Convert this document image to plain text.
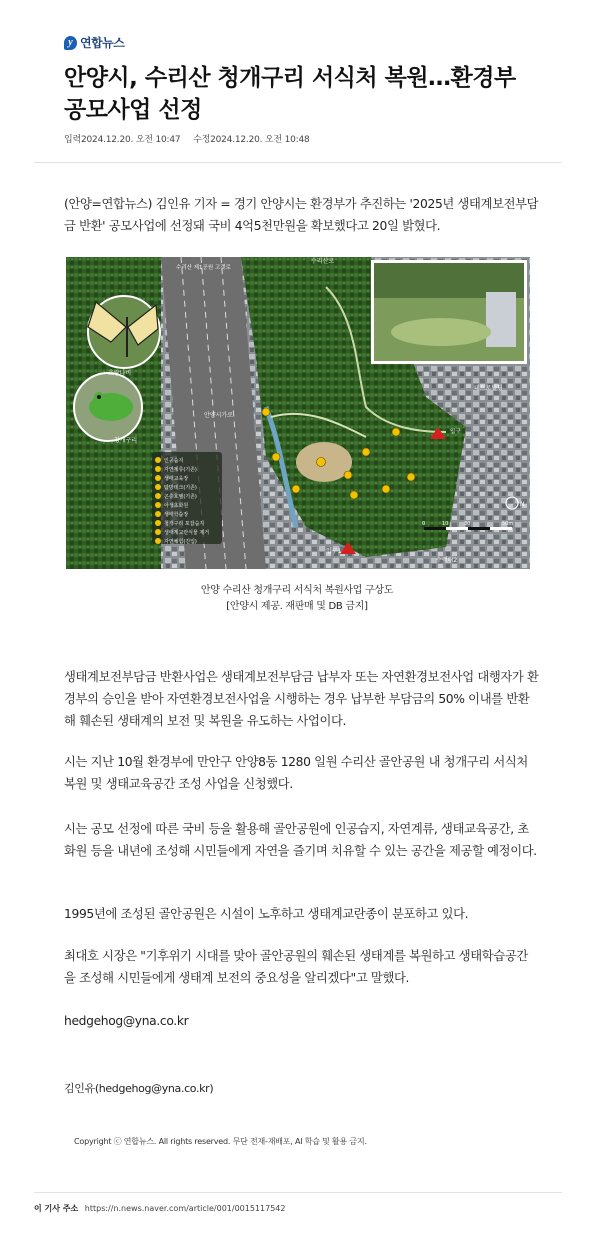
y 연합뉴스
안양시, 수리산 청개구리 서식처 복원…환경부 공모사업 선정
입력2024.12.20. 오전 10:47 수정2024.12.20. 오전 10:48

(안양=연합뉴스) 김인유 기자 = 경기 안양시는 환경부가 추진하는 '2025년 생태계보전부담금 반환' 공모사업에 선정돼 국비 4억5천만원을 확보했다고 20일 밝혔다.

호랑나비
청개구리
안양시가로
수리산로
테트로빌딩
입구
수리산 제1공원 고갯로
N
수렉터2
입구1
0	10	30	50m
인공습지
자연계류(기존)
생태교육장
탐방데크(기존)
곤충호텔(기존)
야생초화원
생태학습장
청개구리 포잡습지
생태계교란식물 제거
자연체험(진입)
안양 수리산 청개구리 서식처 복원사업 구상도
[안양시 제공. 재판매 및 DB 금지]

생태계보전부담금 반환사업은 생태계보전부담금 납부자 또는 자연환경보전사업 대행자가 환경부의 승인을 받아 자연환경보전사업을 시행하는 경우 납부한 부담금의 50% 이내를 반환해 훼손된 생태계의 보전 및 복원을 유도하는 사업이다.

시는 지난 10월 환경부에 만안구 안양8동 1280 일원 수리산 골안공원 내 청개구리 서식처 복원 및 생태교육공간 조성 사업을 신청했다.

시는 공모 선정에 따른 국비 등을 활용해 골안공원에 인공습지, 자연계류, 생태교육공간, 초화원 등을 내년에 조성해 시민들에게 자연을 즐기며 치유할 수 있는 공간을 제공할 예정이다.

1995년에 조성된 골안공원은 시설이 노후하고 생태계교란종이 분포하고 있다.

최대호 시장은 "기후위기 시대를 맞아 골안공원의 훼손된 생태계를 복원하고 생태학습공간을 조성해 시민들에게 생태계 보전의 중요성을 알리겠다"고 말했다.

hedgehog@yna.co.kr

김인유(hedgehog@yna.co.kr)

Copyright ⓒ 연합뉴스. All rights reserved. 무단 전재-재배포, AI 학습 및 활용 금지.
이 기사 주소 https://n.news.naver.com/article/001/0015117542
